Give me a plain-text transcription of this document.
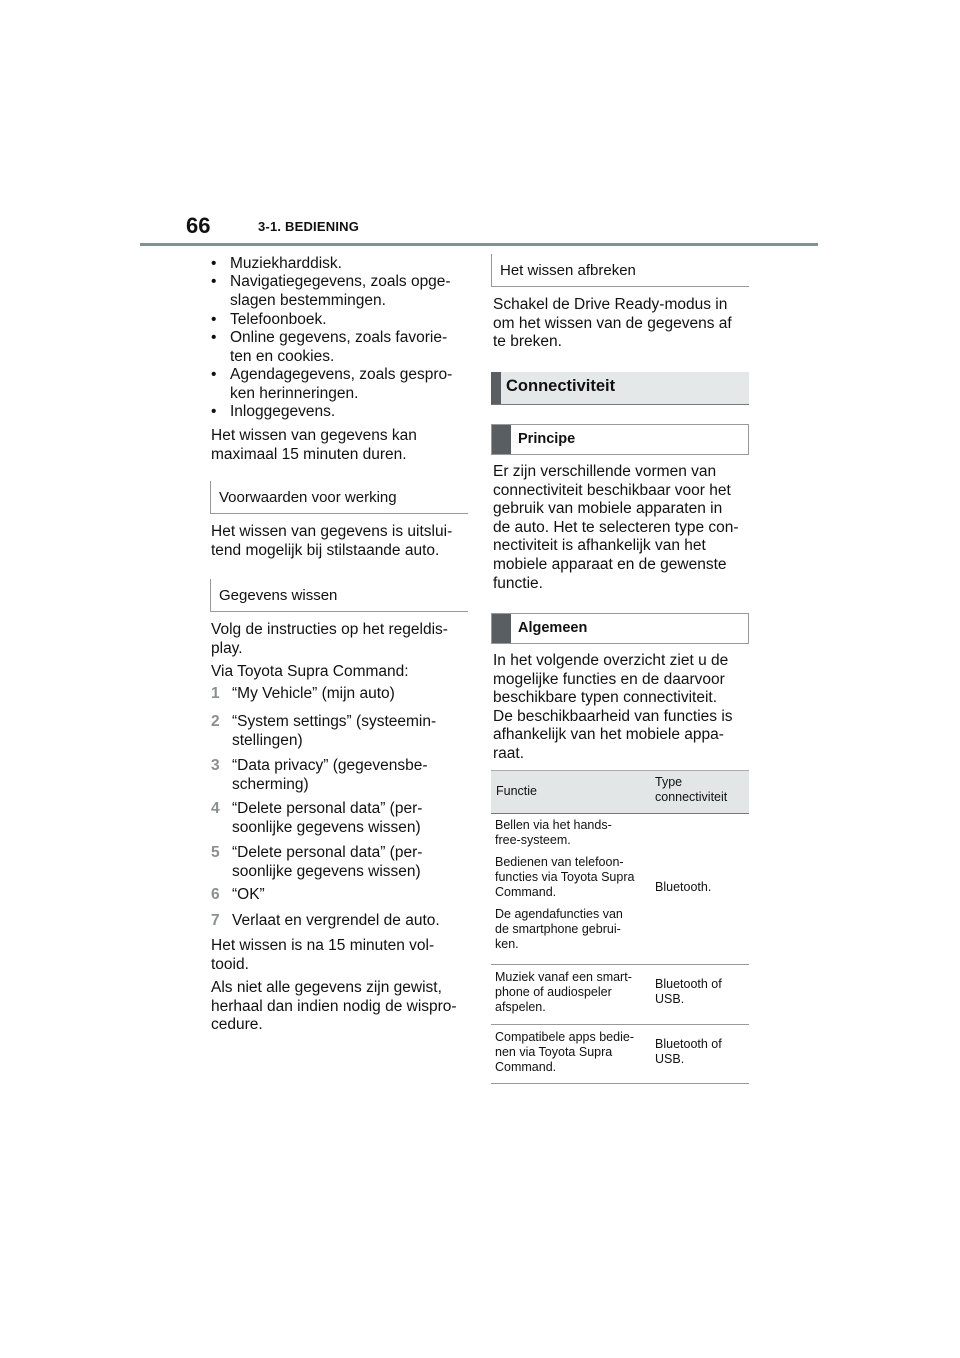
66	3-1. BEDIENING
• Muziekharddisk.
• Navigatiegegevens, zoals opge-
slagen bestemmingen.
• Telefoonboek.
• Online gegevens, zoals favorie-
ten en cookies.
• Agendagegevens, zoals gespro-
ken herinneringen.
• Inloggegevens.
Het wissen van gegevens kan
maximaal 15 minuten duren.
Voorwaarden voor werking
Het wissen van gegevens is uitslui-
tend mogelijk bij stilstaande auto.
Gegevens wissen
Volg de instructies op het regeldis-
play.
Via Toyota Supra Command:
1 “My Vehicle” (mijn auto)
2 “System settings” (systeemin-
stellingen)
3 “Data privacy” (gegevensbe-
scherming)
4 “Delete personal data” (per-
soonlijke gegevens wissen)
5 “Delete personal data” (per-
soonlijke gegevens wissen)
6 “OK”
7 Verlaat en vergrendel de auto.
Het wissen is na 15 minuten vol-
tooid.
Als niet alle gegevens zijn gewist,
herhaal dan indien nodig de wispro-
cedure.
Het wissen afbreken
Schakel de Drive Ready-modus in
om het wissen van de gegevens af
te breken.
Connectiviteit
Principe
Er zijn verschillende vormen van
connectiviteit beschikbaar voor het
gebruik van mobiele apparaten in
de auto. Het te selecteren type con-
nectiviteit is afhankelijk van het
mobiele apparaat en de gewenste
functie.
Algemeen
In het volgende overzicht ziet u de
mogelijke functies en de daarvoor
beschikbare typen connectiviteit.
De beschikbaarheid van functies is
afhankelijk van het mobiele appa-
raat.
Functie
Type
connectiviteit
Bellen via het hands-
free-systeem.
Bedienen van telefoon-
functies via Toyota Supra
Command.
De agendafuncties van
de smartphone gebrui-
ken.
Bluetooth.
Muziek vanaf een smart-
phone of audiospeler
afspelen.
Bluetooth of
USB.
Compatibele apps bedie-
nen via Toyota Supra
Command.
Bluetooth of
USB.
